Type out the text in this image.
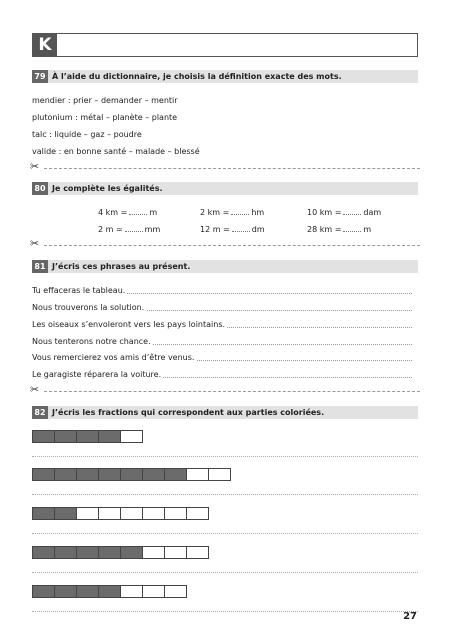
K
79 À l’aide du dictionnaire, je choisis la définition exacte des mots.
mendier : prier – demander – mentir
plutonium : métal – planète – plante
talc : liquide – gaz – poudre
valide : en bonne santé – malade – blessé
✂
80 Je complète les égalités.
4 km =	m	2 km =	hm	10 km =	dam
2 m =	mm	12 m =	dm	28 km =	m
✂
81 J’écris ces phrases au présent.
Tu effaceras le tableau.
Nous trouverons la solution.
Les oiseaux s’envoleront vers les pays lointains.
Nous tenterons notre chance.
Vous remercierez vos amis d’être venus.
Le garagiste réparera la voiture.
✂
82 J’écris les fractions qui correspondent aux parties coloriées.
27
